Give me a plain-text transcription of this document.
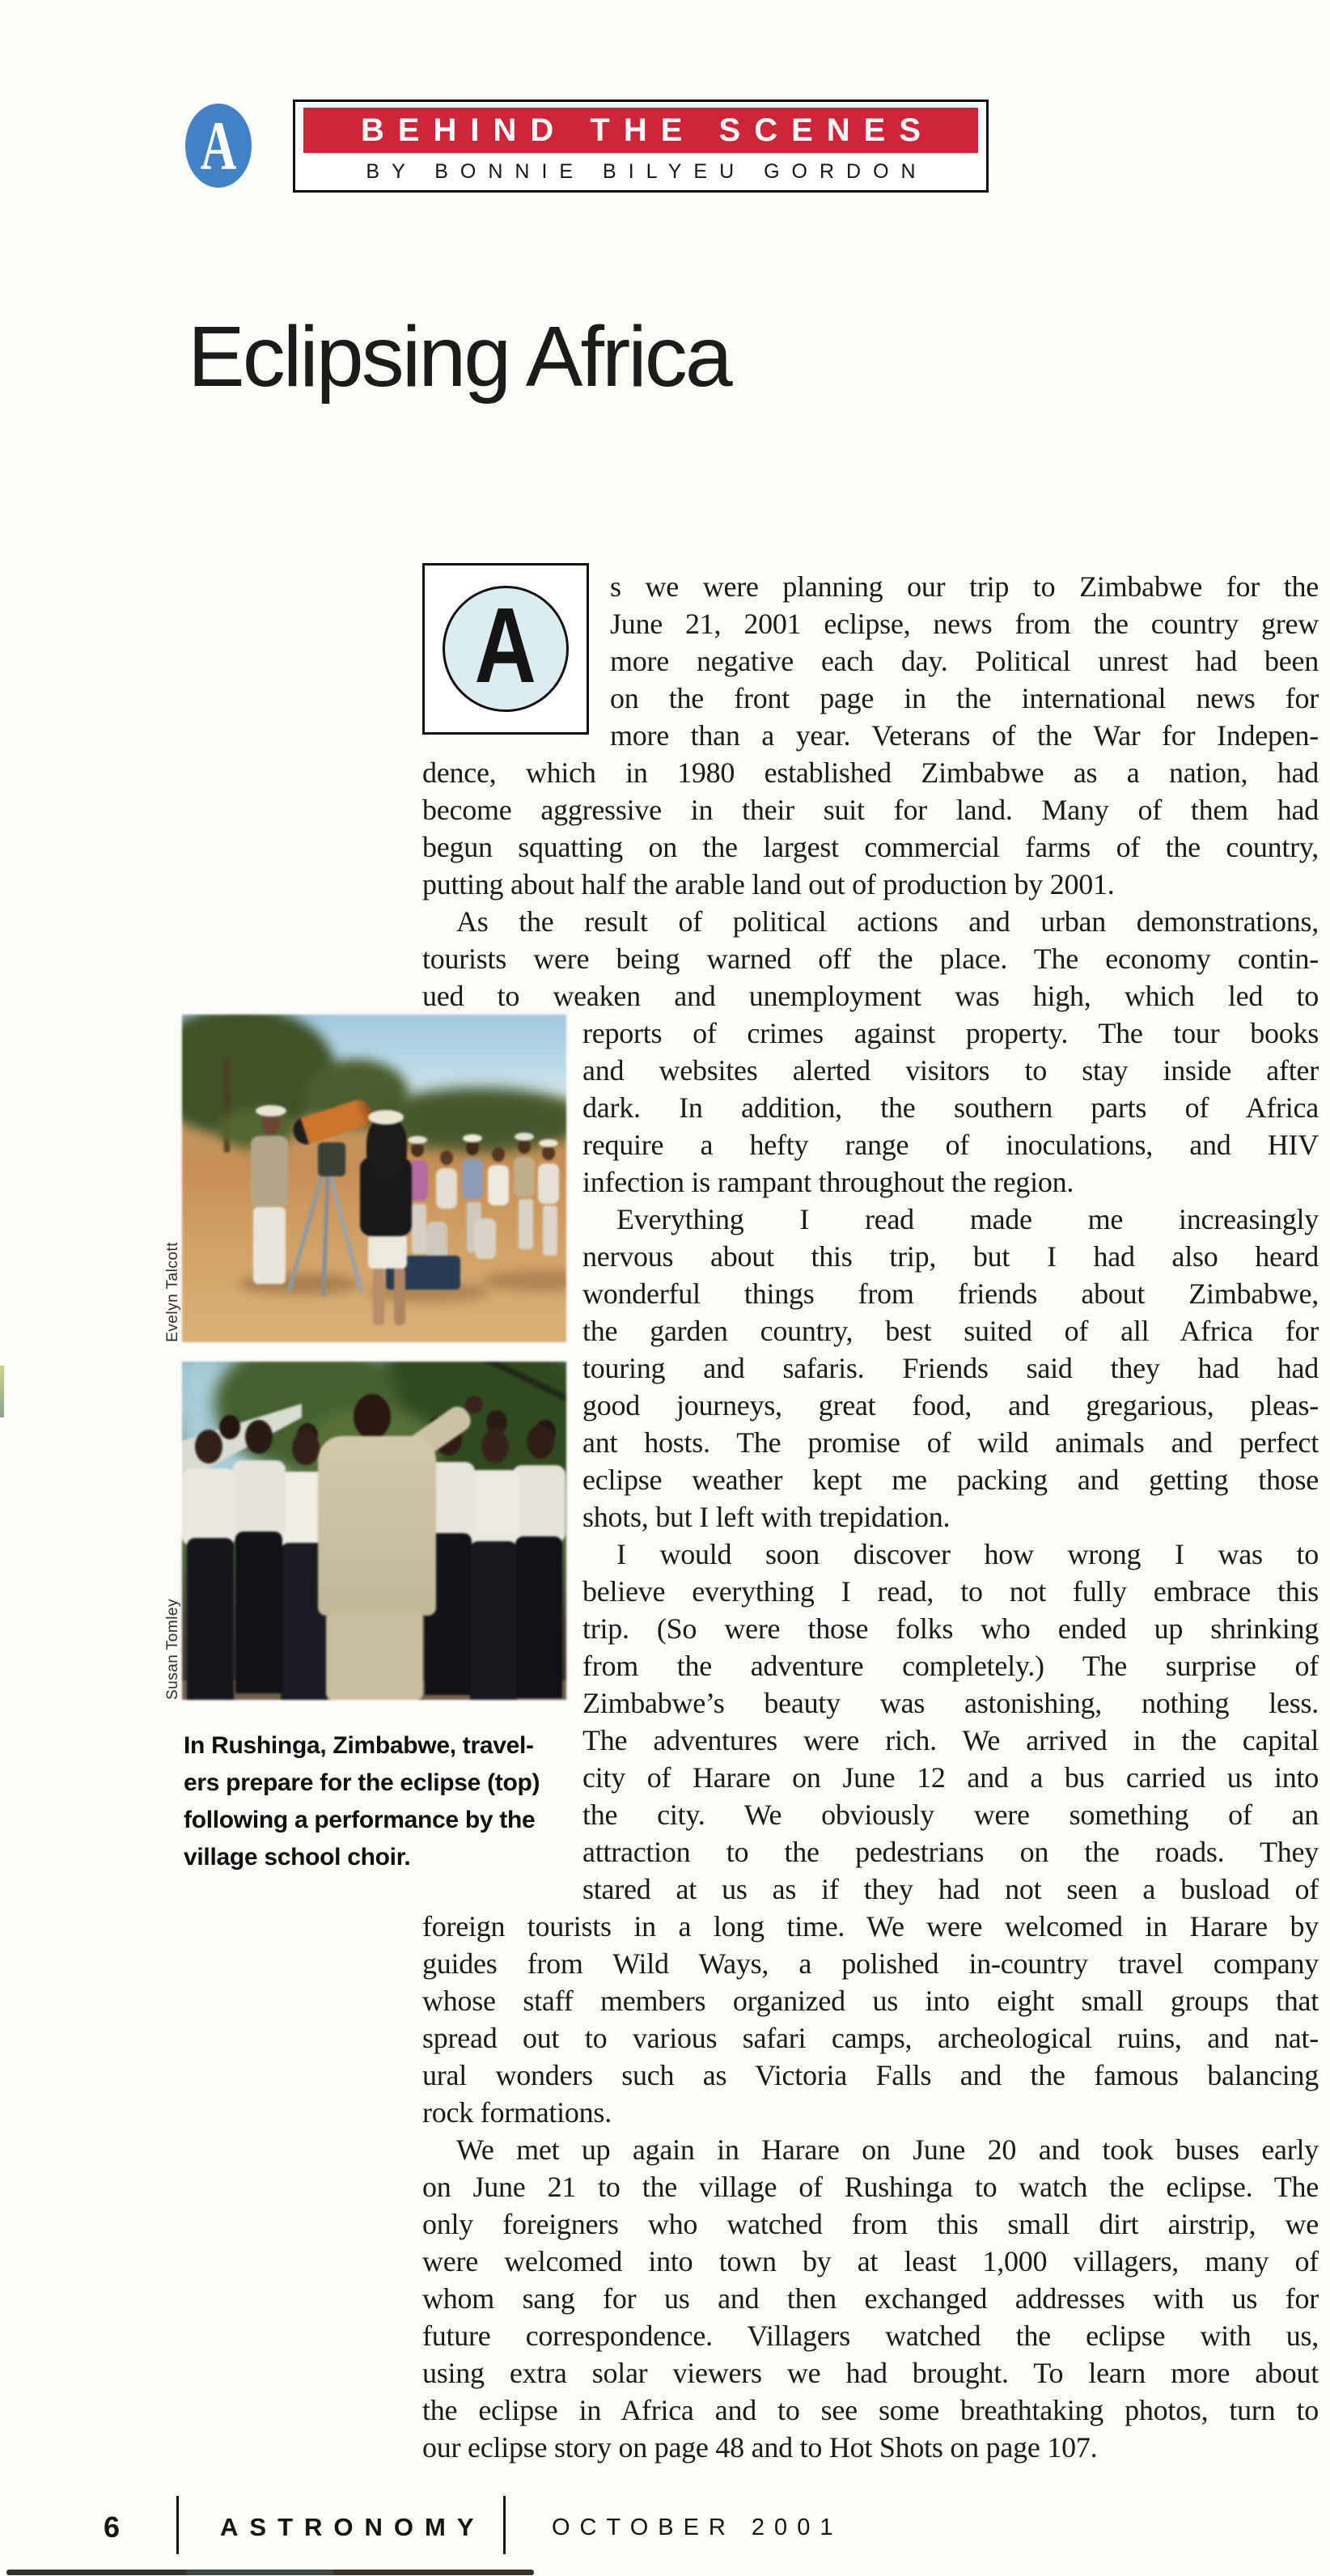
A	BEHIND THE SCENES
BY BONNIE BILYEU GORDON
Eclipsing Africa
A	s we were planning our trip to Zimbabwe for the
June 21, 2001 eclipse, news from the country grew
more negative each day. Political unrest had been
on the front page in the international news for
more than a year. Veterans of the War for Indepen-
dence, which in 1980 established Zimbabwe as a nation, had
become aggressive in their suit for land. Many of them had
begun squatting on the largest commercial farms of the country,
putting about half the arable land out of production by 2001.
As the result of political actions and urban demonstrations,
tourists were being warned off the place. The economy contin-
ued to weaken and unemployment was high, which led to
Evelyn Talcott
Susan Tomley
In Rushinga, Zimbabwe, travel-
ers prepare for the eclipse (top)
following a performance by the
village school choir.
reports of crimes against property. The tour books
and websites alerted visitors to stay inside after
dark. In addition, the southern parts of Africa
require a hefty range of inoculations, and HIV
infection is rampant throughout the region.
Everything I read made me increasingly
nervous about this trip, but I had also heard
wonderful things from friends about Zimbabwe,
the garden country, best suited of all Africa for
touring and safaris. Friends said they had had
good journeys, great food, and gregarious, pleas-
ant hosts. The promise of wild animals and perfect
eclipse weather kept me packing and getting those
shots, but I left with trepidation.
I would soon discover how wrong I was to
believe everything I read, to not fully embrace this
trip. (So were those folks who ended up shrinking
from the adventure completely.) The surprise of
Zimbabwe’s beauty was astonishing, nothing less.
The adventures were rich. We arrived in the capital
city of Harare on June 12 and a bus carried us into
the city. We obviously were something of an
attraction to the pedestrians on the roads. They
stared at us as if they had not seen a busload of
foreign tourists in a long time. We were welcomed in Harare by
guides from Wild Ways, a polished in-country travel company
whose staff members organized us into eight small groups that
spread out to various safari camps, archeological ruins, and nat-
ural wonders such as Victoria Falls and the famous balancing
rock formations.
We met up again in Harare on June 20 and took buses early
on June 21 to the village of Rushinga to watch the eclipse. The
only foreigners who watched from this small dirt airstrip, we
were welcomed into town by at least 1,000 villagers, many of
whom sang for us and then exchanged addresses with us for
future correspondence. Villagers watched the eclipse with us,
using extra solar viewers we had brought. To learn more about
the eclipse in Africa and to see some breathtaking photos, turn to
our eclipse story on page 48 and to Hot Shots on page 107.
6	ASTRONOMY	OCTOBER 2001
